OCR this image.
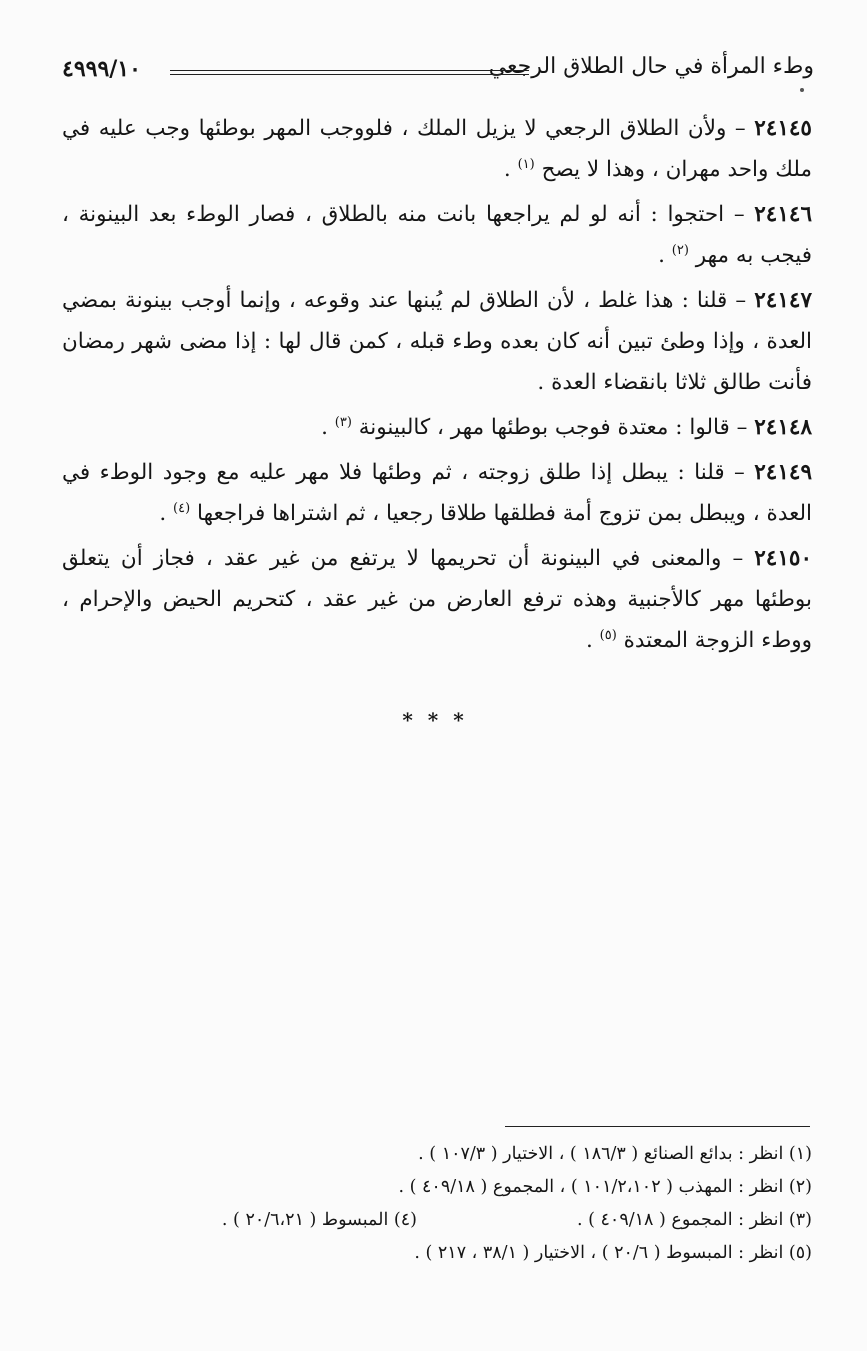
وطء المرأة في حال الطلاق الرجعي
٤٩٩٩/١٠

٢٤١٤٥ – ولأن الطلاق الرجعي لا يزيل الملك ، فلووجب المهر بوطئها وجب عليه في ملك واحد مهران ، وهذا لا يصح $^{(١)}$ .

٢٤١٤٦ – احتجوا : أنه لو لم يراجعها بانت منه بالطلاق ، فصار الوطء بعد البينونة ، فيجب به مهر $^{(٢)}$ .

٢٤١٤٧ – قلنا : هذا غلط ، لأن الطلاق لم يُبنها عند وقوعه ، وإنما أوجب بينونة بمضي العدة ، وإذا وطئ تبين أنه كان بعده وطء قبله ، كمن قال لها : إذا مضى شهر رمضان فأنت طالق ثلاثا بانقضاء العدة .

٢٤١٤٨ – قالوا : معتدة فوجب بوطئها مهر ، كالبينونة $^{(٣)}$ .

٢٤١٤٩ – قلنا : يبطل إذا طلق زوجته ، ثم وطئها فلا مهر عليه مع وجود الوطء في العدة ، ويبطل بمن تزوج أمة فطلقها طلاقا رجعيا ، ثم اشتراها فراجعها $^{(٤)}$ .

٢٤١٥٠ – والمعنى في البينونة أن تحريمها لا يرتفع من غير عقد ، فجاز أن يتعلق بوطئها مهر كالأجنبية وهذه ترفع العارض من غير عقد ، كتحريم الحيض والإحرام ، ووطء الزوجة المعتدة $^{(٥)}$ .

* * *
(١) انظر : بدائع الصنائع ( ١٨٦/٣ ) ، الاختيار ( ١٠٧/٣ ) .
(٢) انظر : المهذب ( ١٠١/٢،١٠٢ ) ، المجموع ( ٤٠٩/١٨ ) .
(٣) انظر : المجموع ( ٤٠٩/١٨ ) .
(٤) المبسوط ( ٢٠/٦،٢١ ) .
(٥) انظر : المبسوط ( ٢٠/٦ ) ، الاختيار ( ٣٨/١ ، ٢١٧ ) .
